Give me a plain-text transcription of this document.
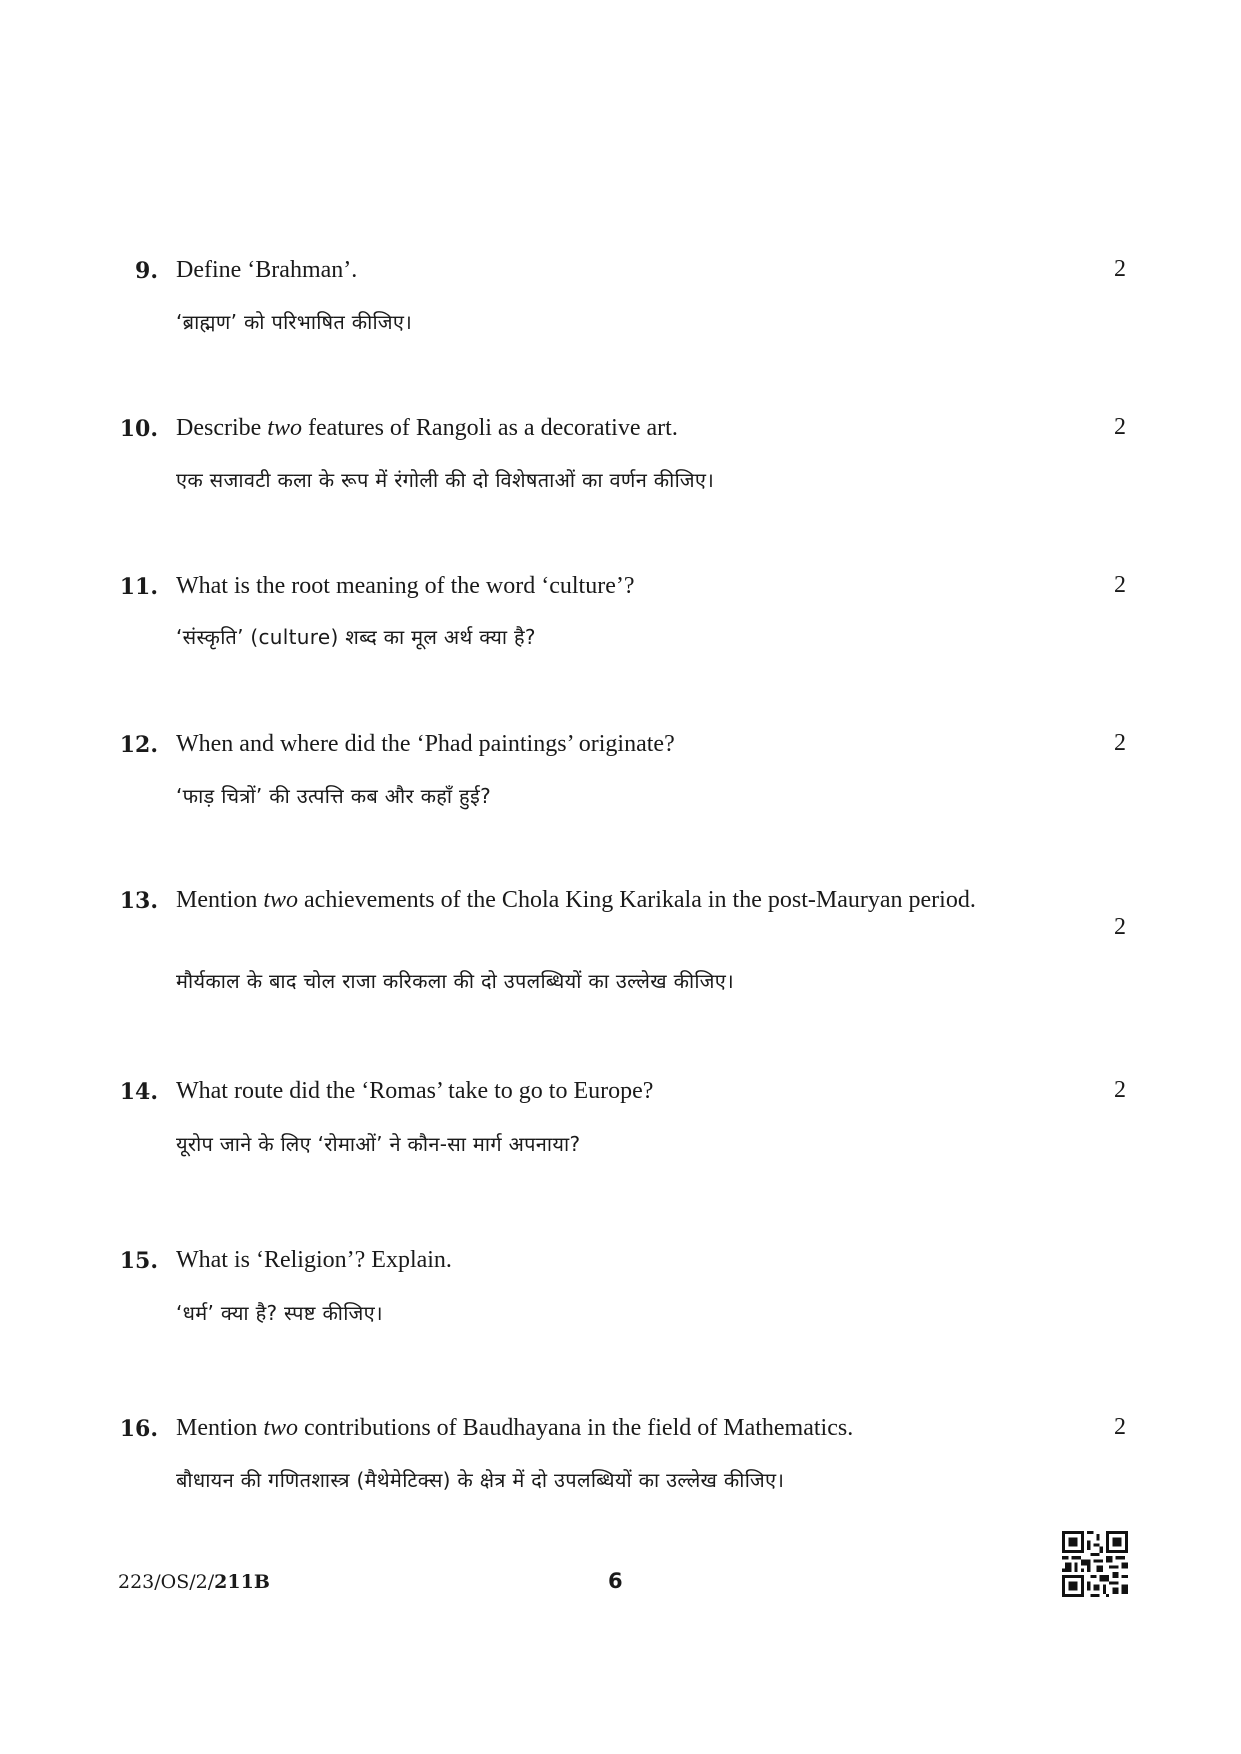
9. Define ‘Brahman’.	2
‘ब्राह्मण’ को परिभाषित कीजिए।
10. Describe two features of Rangoli as a decorative art.	2
एक सजावटी कला के रूप में रंगोली की दो विशेषताओं का वर्णन कीजिए।
11. What is the root meaning of the word ‘culture’?	2
‘संस्कृति’ (culture) शब्द का मूल अर्थ क्या है?
12. When and where did the ‘Phad paintings’ originate?	2
‘फाड़ चित्रों’ की उत्पत्ति कब और कहाँ हुई?
13. Mention two achievements of the Chola King Karikala in the post-Mauryan period.
2
मौर्यकाल के बाद चोल राजा करिकला की दो उपलब्धियों का उल्लेख कीजिए।
14. What route did the ‘Romas’ take to go to Europe?	2
यूरोप जाने के लिए ‘रोमाओं’ ने कौन-सा मार्ग अपनाया?
15. What is ‘Religion’? Explain.
‘धर्म’ क्या है? स्पष्ट कीजिए।
16. Mention two contributions of Baudhayana in the field of Mathematics.	2
बौधायन की गणितशास्त्र (मैथेमेटिक्स) के क्षेत्र में दो उपलब्धियों का उल्लेख कीजिए।
223/OS/2/211B	6
